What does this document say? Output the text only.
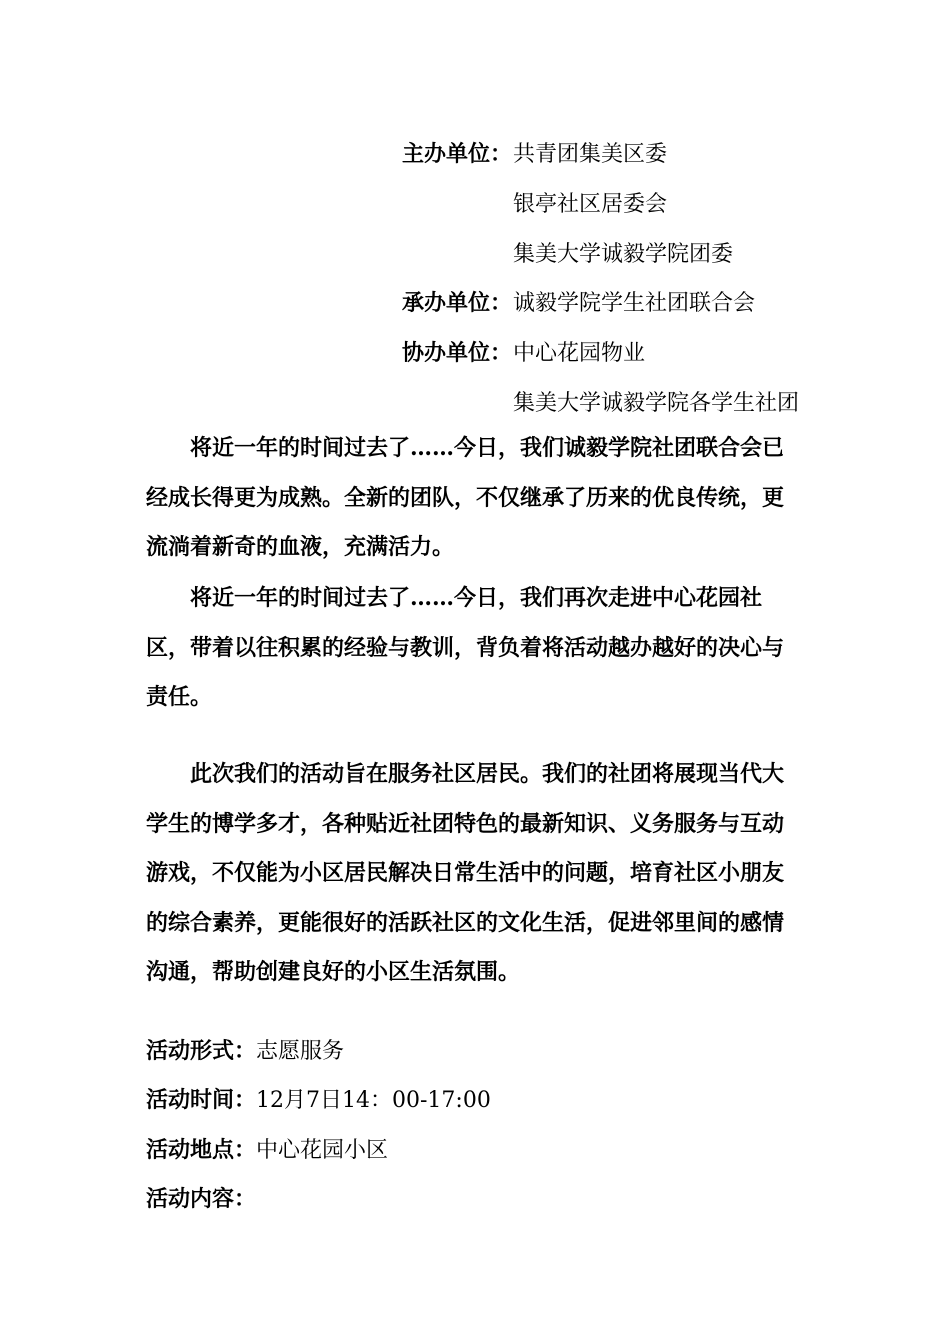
主办单位： 共青团集美区委
银亭社区居委会
集美大学诚毅学院团委
承办单位： 诚毅学院学生社团联合会
协办单位： 中心花园物业
集美大学诚毅学院各学生社团
　　将近一年的时间过去了……今日，我们诚毅学院社团联合会已
经成长得更为成熟。全新的团队，不仅继承了历来的优良传统，更
流淌着新奇的血液，充满活力。
　　将近一年的时间过去了……今日，我们再次走进中心花园社
区，带着以往积累的经验与教训，背负着将活动越办越好的决心与
责任。
　　此次我们的活动旨在服务社区居民。我们的社团将展现当代大
学生的博学多才，各种贴近社团特色的最新知识、义务服务与互动
游戏，不仅能为小区居民解决日常生活中的问题，培育社区小朋友
的综合素养，更能很好的活跃社区的文化生活，促进邻里间的感情
沟通，帮助创建良好的小区生活氛围。
活动形式：志愿服务
活动时间：12月7日14：00-17:00
活动地点：中心花园小区
活动内容：
